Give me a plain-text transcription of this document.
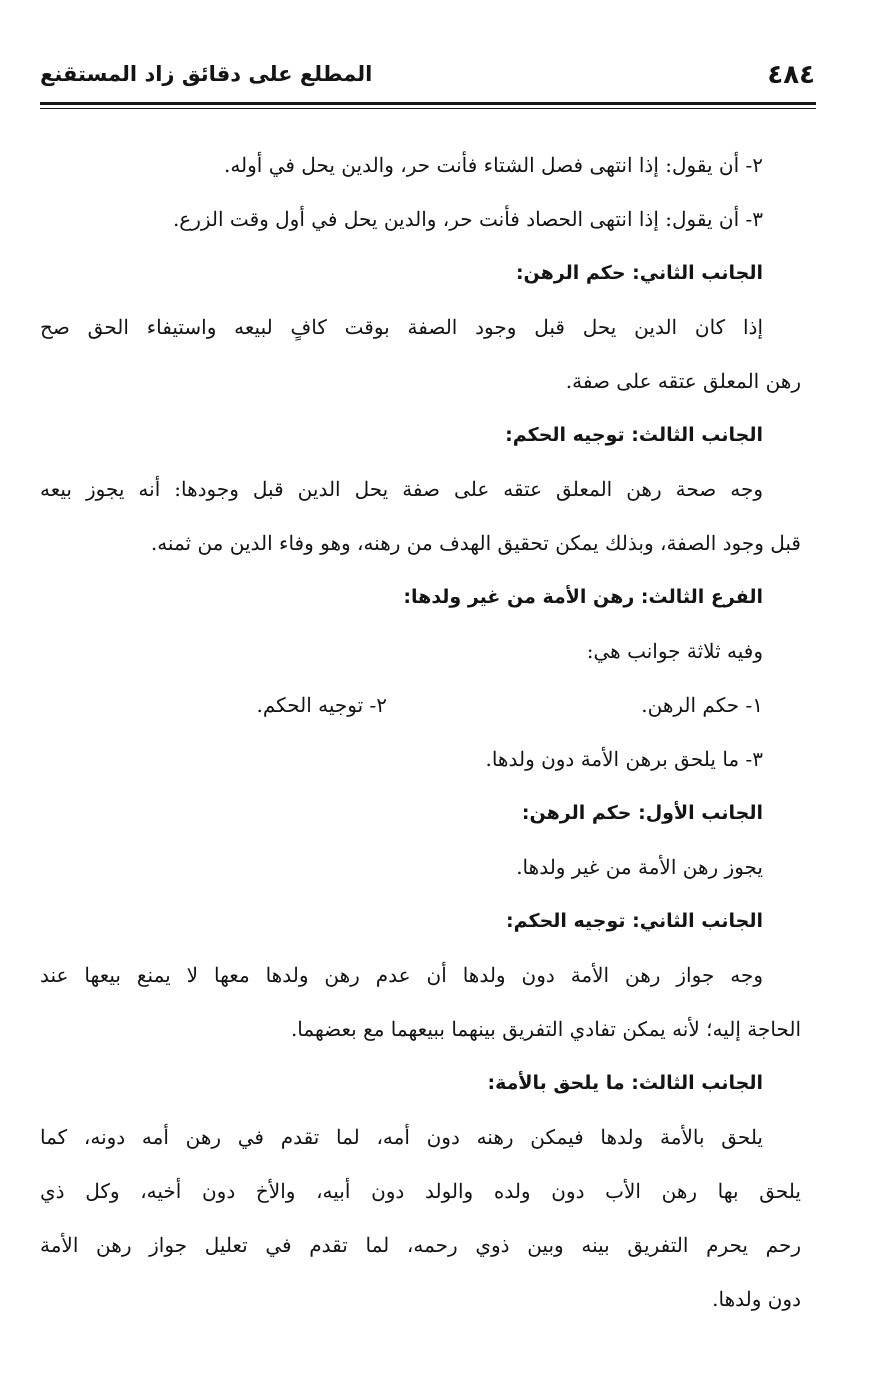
٤٨٤
المطلع على دقائق زاد المستقنع
٢- أن يقول: إذا انتهى فصل الشتاء فأنت حر، والدين يحل في أوله.
٣- أن يقول: إذا انتهى الحصاد فأنت حر، والدين يحل في أول وقت الزرع.
الجانب الثاني: حكم الرهن:
إذا كان الدين يحل قبل وجود الصفة بوقت كافٍ لبيعه واستيفاء الحق صح
رهن المعلق عتقه على صفة.
الجانب الثالث: توجيه الحكم:
وجه صحة رهن المعلق عتقه على صفة يحل الدين قبل وجودها: أنه يجوز بيعه
قبل وجود الصفة، وبذلك يمكن تحقيق الهدف من رهنه، وهو وفاء الدين من ثمنه.
الفرع الثالث: رهن الأمة من غير ولدها:
وفيه ثلاثة جوانب هي:
١- حكم الرهن.
٢- توجيه الحكم.
٣- ما يلحق برهن الأمة دون ولدها.
الجانب الأول: حكم الرهن:
يجوز رهن الأمة من غير ولدها.
الجانب الثاني: توجيه الحكم:
وجه جواز رهن الأمة دون ولدها أن عدم رهن ولدها معها لا يمنع بيعها عند
الحاجة إليه؛ لأنه يمكن تفادي التفريق بينهما ببيعهما مع بعضهما.
الجانب الثالث: ما يلحق بالأمة:
يلحق بالأمة ولدها فيمكن رهنه دون أمه، لما تقدم في رهن أمه دونه، كما
يلحق بها رهن الأب دون ولده والولد دون أبيه، والأخ دون أخيه، وكل ذي
رحم يحرم التفريق بينه وبين ذوي رحمه، لما تقدم في تعليل جواز رهن الأمة
دون ولدها.
